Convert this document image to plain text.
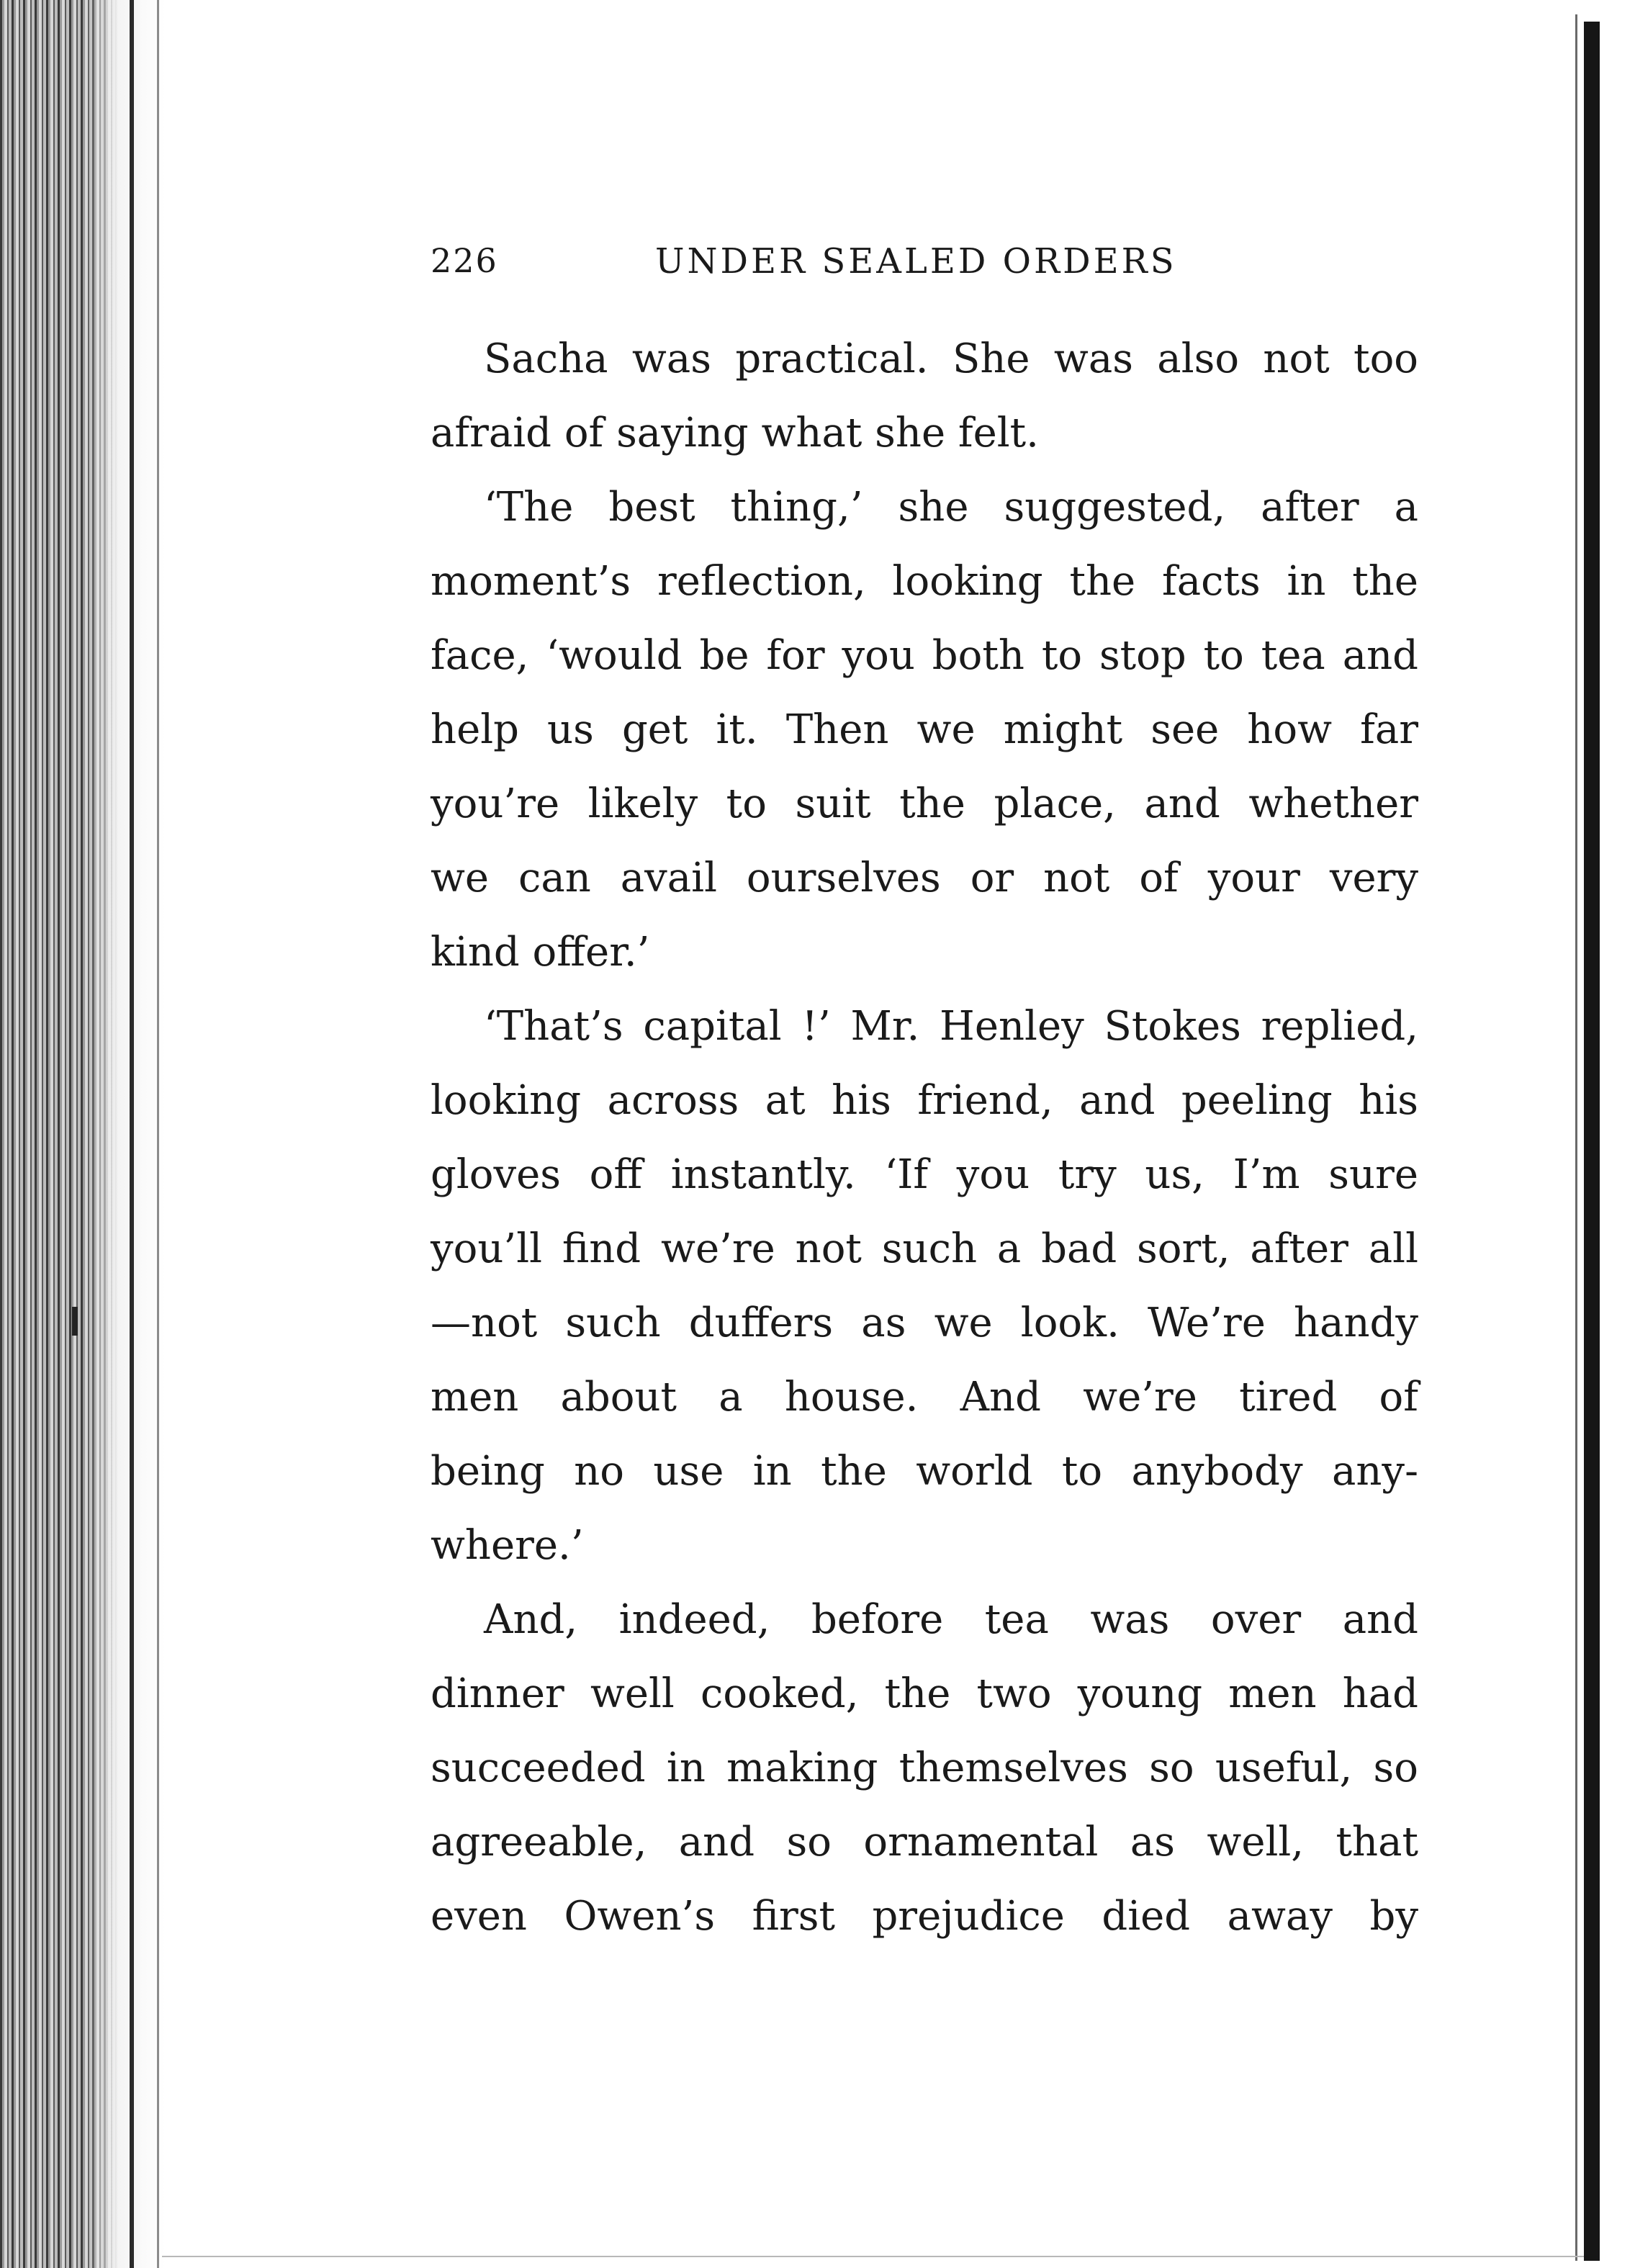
226	UNDER SEALED ORDERS
Sacha was practical. She was also not too
afraid of saying what she felt.
‘The best thing,’ she suggested, after a
moment’s reflection, looking the facts in the
face, ‘would be for you both to stop to tea and
help us get it. Then we might see how far
you’re likely to suit the place, and whether
we can avail ourselves or not of your very
kind offer.’
‘That’s capital !’ Mr. Henley Stokes replied,
looking across at his friend, and peeling his
gloves off instantly. ‘If you try us, I’m sure
you’ll find we’re not such a bad sort, after all
—not such duffers as we look. We’re handy
men about a house. And we’re tired of
being no use in the world to anybody any-
where.’
And, indeed, before tea was over and
dinner well cooked, the two young men had
succeeded in making themselves so useful, so
agreeable, and so ornamental as well, that
even Owen’s first prejudice died away by
